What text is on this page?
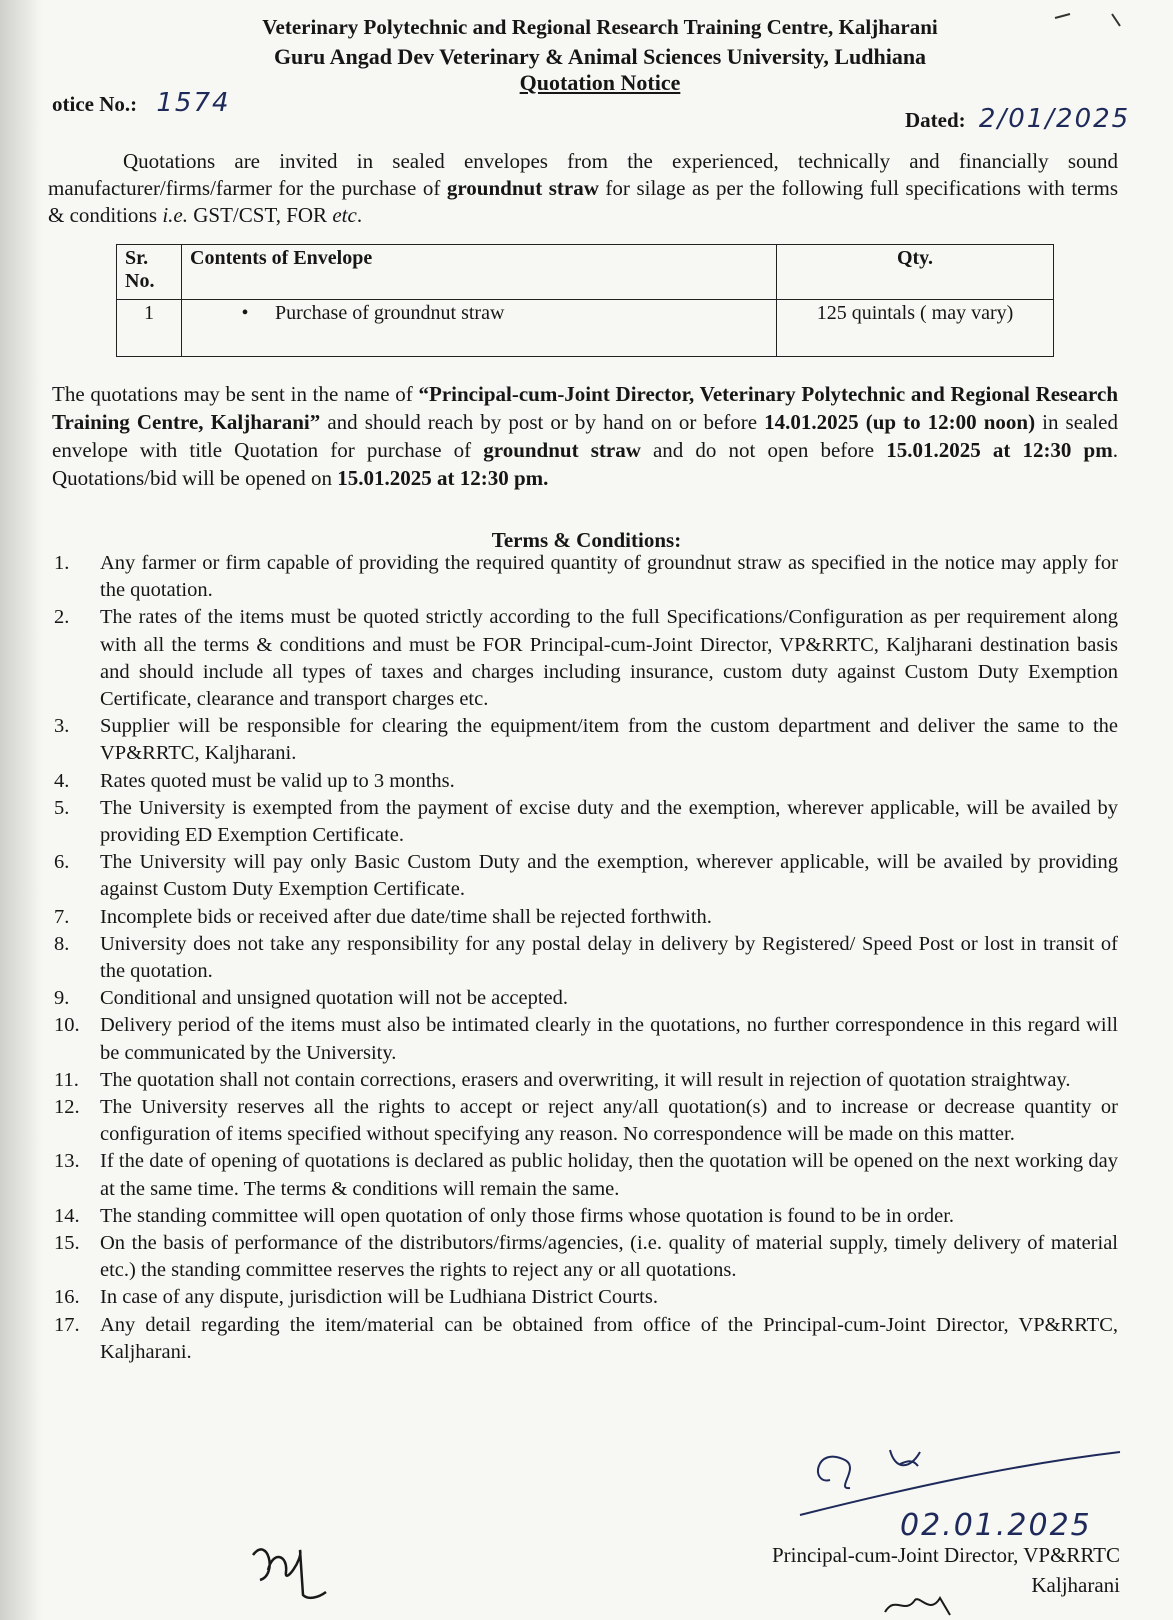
Veterinary Polytechnic and Regional Research Training Centre, Kaljharani
Guru Angad Dev Veterinary & Animal Sciences University, Ludhiana
Quotation Notice
otice No.: 1574
Dated: 2/01/2025
Quotations are invited in sealed envelopes from the experienced, technically and financially sound manufacturer/firms/farmer for the purchase of groundnut straw for silage as per the following full specifications with terms & conditions i.e. GST/CST, FOR etc.
Sr. No.	Contents of Envelope	Qty.
1	• Purchase of groundnut straw	125 quintals ( may vary)
The quotations may be sent in the name of “Principal-cum-Joint Director, Veterinary Polytechnic and Regional Research Training Centre, Kaljharani” and should reach by post or by hand on or before 14.01.2025 (up to 12:00 noon) in sealed envelope with title Quotation for purchase of groundnut straw and do not open before 15.01.2025 at 12:30 pm. Quotations/bid will be opened on 15.01.2025 at 12:30 pm.
Terms & Conditions:
1.	Any farmer or firm capable of providing the required quantity of groundnut straw as specified in the notice may apply for the quotation.
2.	The rates of the items must be quoted strictly according to the full Specifications/Configuration as per requirement along with all the terms & conditions and must be FOR Principal-cum-Joint Director, VP&RRTC, Kaljharani destination basis and should include all types of taxes and charges including insurance, custom duty against Custom Duty Exemption Certificate, clearance and transport charges etc.
3.	Supplier will be responsible for clearing the equipment/item from the custom department and deliver the same to the VP&RRTC, Kaljharani.
4.	Rates quoted must be valid up to 3 months.
5.	The University is exempted from the payment of excise duty and the exemption, wherever applicable, will be availed by providing ED Exemption Certificate.
6.	The University will pay only Basic Custom Duty and the exemption, wherever applicable, will be availed by providing against Custom Duty Exemption Certificate.
7.	Incomplete bids or received after due date/time shall be rejected forthwith.
8.	University does not take any responsibility for any postal delay in delivery by Registered/ Speed Post or lost in transit of the quotation.
9.	Conditional and unsigned quotation will not be accepted.
10. Delivery period of the items must also be intimated clearly in the quotations, no further correspondence in this regard will be communicated by the University.
11.	The quotation shall not contain corrections, erasers and overwriting, it will result in rejection of quotation straightway.
12. The University reserves all the rights to accept or reject any/all quotation(s) and to increase or decrease quantity or configuration of items specified without specifying any reason. No correspondence will be made on this matter.
13. If the date of opening of quotations is declared as public holiday, then the quotation will be opened on the next working day at the same time. The terms & conditions will remain the same.
14. The standing committee will open quotation of only those firms whose quotation is found to be in order.
15. On the basis of performance of the distributors/firms/agencies, (i.e. quality of material supply, timely delivery of material etc.) the standing committee reserves the rights to reject any or all quotations.
16. In case of any dispute, jurisdiction will be Ludhiana District Courts.
17. Any detail regarding the item/material can be obtained from office of the Principal-cum-Joint Director, VP&RRTC, Kaljharani.
02.01.2025
Principal-cum-Joint Director, VP&RRTC
Kaljharani
